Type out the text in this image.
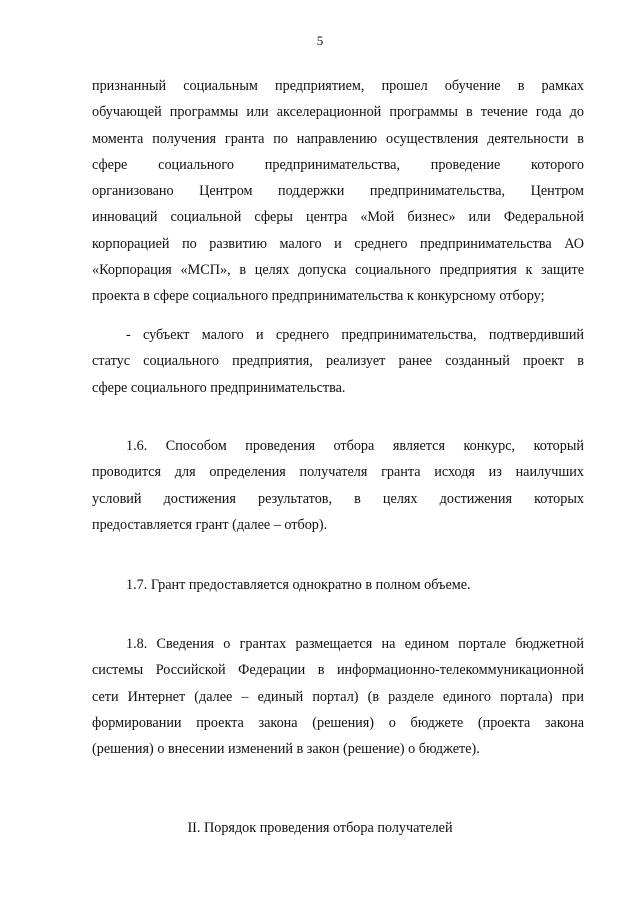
5
признанный социальным предприятием, прошел обучение в рамках
обучающей программы или акселерационной программы в течение года до
момента получения гранта по направлению осуществления деятельности в
сфере социального предпринимательства, проведение которого
организовано Центром поддержки предпринимательства, Центром
инноваций социальной сферы центра «Мой бизнес» или Федеральной
корпорацией по развитию малого и среднего предпринимательства АО
«Корпорация «МСП», в целях допуска социального предприятия к защите
проекта в сфере социального предпринимательства к конкурсному отбору;
- субъект малого и среднего предпринимательства, подтвердивший
статус социального предприятия, реализует ранее созданный проект в
сфере социального предпринимательства.
1.6. Способом проведения отбора является конкурс, который
проводится для определения получателя гранта исходя из наилучших
условий достижения результатов, в целях достижения которых
предоставляется грант (далее – отбор).
1.7. Грант предоставляется однократно в полном объеме.
1.8. Сведения о грантах размещается на едином портале бюджетной
системы Российской Федерации в информационно-телекоммуникационной
сети Интернет (далее – единый портал) (в разделе единого портала) при
формировании проекта закона (решения) о бюджете (проекта закона
(решения) о внесении изменений в закон (решение) о бюджете).
II. Порядок проведения отбора получателей
